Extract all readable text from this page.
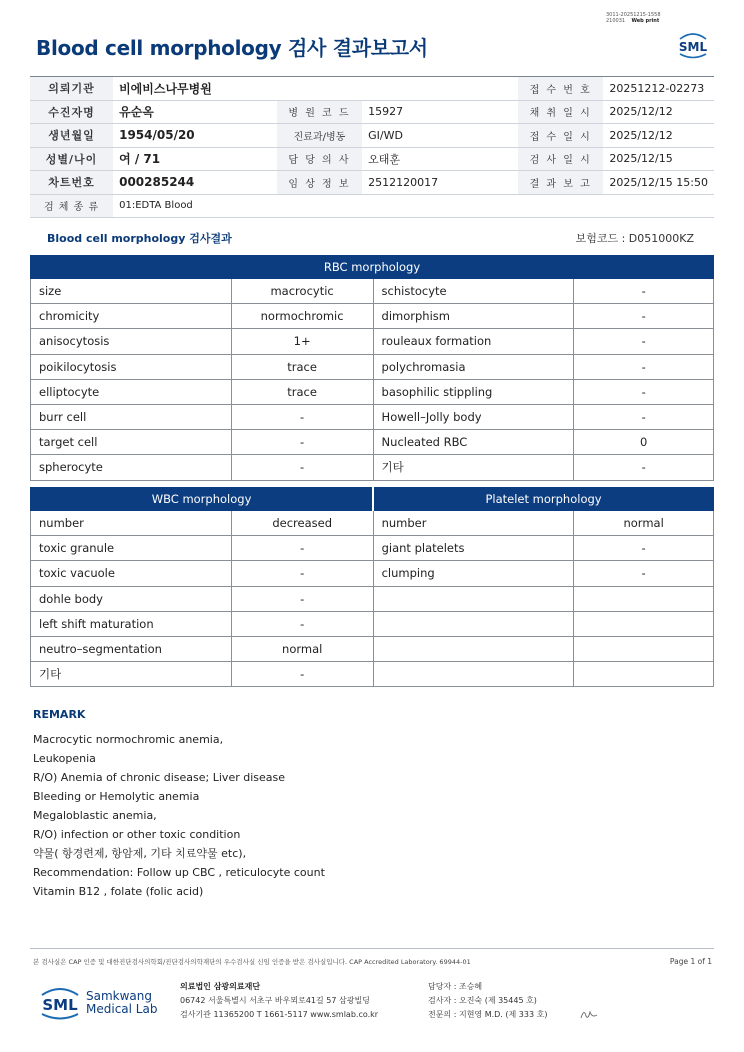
3011-20251215-1558
210031 Web print
Blood cell morphology 검사 결과보고서	SML
의뢰기관	비에비스나무병원			접 수 번 호	20251212-02273
수진자명	유순옥	병 원 코 드	15927	채 취 일 시	2025/12/12
생년월일	1954/05/20	진료과/병동	GI/WD	접 수 일 시	2025/12/12
성별/나이	여 / 71	담 당 의 사	오태훈	검 사 일 시	2025/12/15
차트번호	000285244	임 상 정 보	2512120017	결 과 보 고	2025/12/15 15:50
검 체 종 류	01:EDTA Blood				
Blood cell morphology 검사결과	보험코드 : D051000KZ
RBC morphology			
size	macrocytic	schistocyte	-
chromicity	normochromic	dimorphism	-
anisocytosis	1+	rouleaux formation	-
poikilocytosis	trace	polychromasia	-
elliptocyte	trace	basophilic stippling	-
burr cell	-	Howell–Jolly body	-
target cell	-	Nucleated RBC	0
spherocyte	-	기타	-
WBC morphology		Platelet morphology	
number	decreased	number	normal
toxic granule	-	giant platelets	-
toxic vacuole	-	clumping	-
dohle body	-		
left shift maturation	-		
neutro–segmentation	normal		
기타	-		
REMARK
Macrocytic normochromic anemia,
Leukopenia
R/O) Anemia of chronic disease; Liver disease
Bleeding or Hemolytic anemia
Megaloblastic anemia,
R/O) infection or other toxic condition
약물( 항경련제, 항암제, 기타 치료약물 etc),
Recommendation: Follow up CBC , reticulocyte count
Vitamin B12 , folate (folic acid)
본 검사실은 CAP 인증 및 대한진단검사의학회/진단검사의학재단의 우수검사실 신임 인증을 받은 검사실입니다. CAP Accredited Laboratory. 69944-01	Page 1 of 1
SML Samkwang
Medical Lab
의료법인 삼광의료재단
06742 서울특별시 서초구 바우뫼로41길 57 삼광빌딩
검사기관 11365200 T 1661-5117 www.smlab.co.kr
담당자 : 조승혜
검사자 : 오진숙 (제 35445 호)
전문의 : 지현영 M.D. (제 333 호)
